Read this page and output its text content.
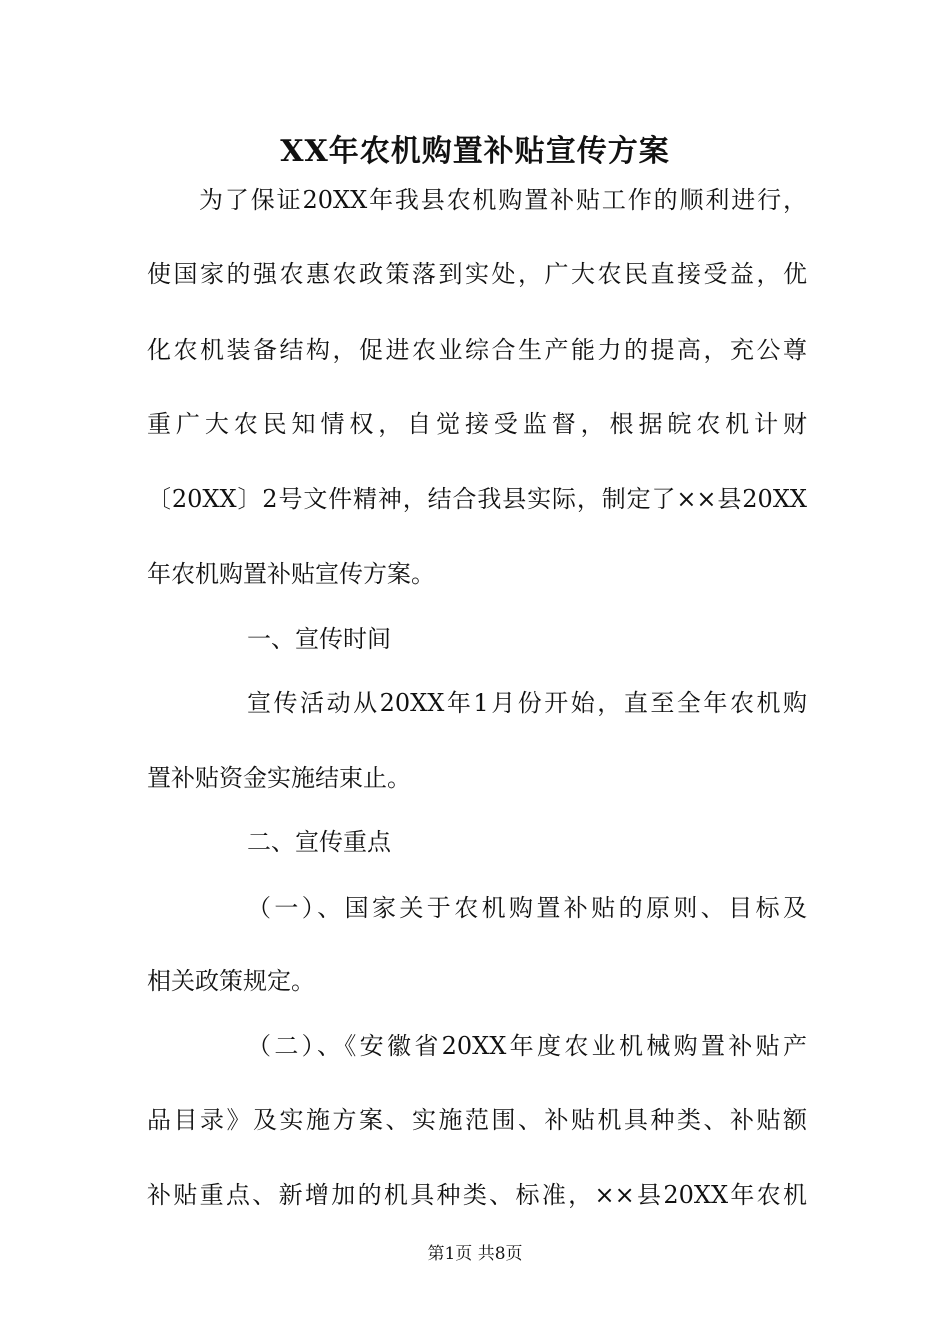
XX年农机购置补贴宣传方案

为了保证20XX年我县农机购置补贴工作的顺利进行，

使国家的强农惠农政策落到实处，广大农民直接受益，优

化农机装备结构，促进农业综合生产能力的提高，充公尊

重广大农民知情权，自觉接受监督，根据皖农机计财

〔20XX〕2号文件精神，结合我县实际，制定了××县20XX

年农机购置补贴宣传方案。

一、宣传时间

宣传活动从20XX年1月份开始，直至全年农机购

置补贴资金实施结束止。

二、宣传重点

（一）、国家关于农机购置补贴的原则、目标及

相关政策规定。

（二）、《安徽省20XX年度农业机械购置补贴产

品目录》及实施方案、实施范围、补贴机具种类、补贴额

补贴重点、新增加的机具种类、标准，××县20XX年农机

第1页 共8页
